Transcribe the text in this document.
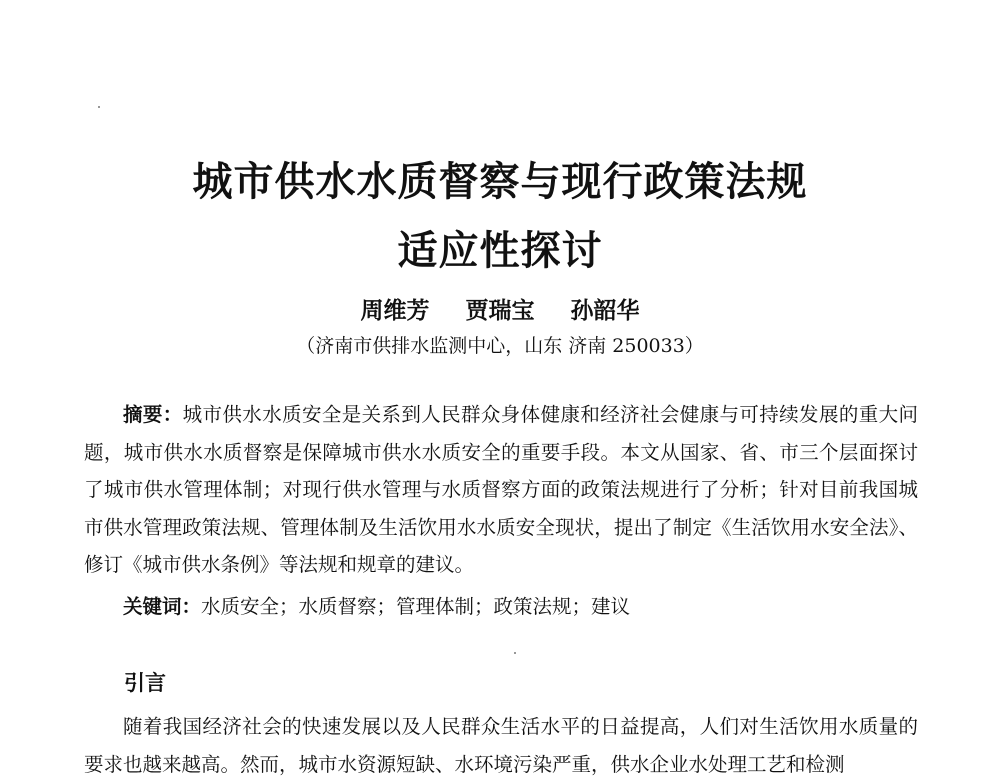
城市供水水质督察与现行政策法规
适应性探讨
周维芳 贾瑞宝 孙韶华
（济南市供排水监测中心，山东 济南 250033）

摘要：城市供水水质安全是关系到人民群众身体健康和经济社会健康与可持续发展的重大问题，城市供水水质督察是保障城市供水水质安全的重要手段。本文从国家、省、市三个层面探讨了城市供水管理体制；对现行供水管理与水质督察方面的政策法规进行了分析；针对目前我国城市供水管理政策法规、管理体制及生活饮用水水质安全现状，提出了制定《生活饮用水安全法》、修订《城市供水条例》等法规和规章的建议。

关键词：水质安全；水质督察；管理体制；政策法规；建议
引言

随着我国经济社会的快速发展以及人民群众生活水平的日益提高，人们对生活饮用水质量的要求也越来越高。然而，城市水资源短缺、水环境污染严重，供水企业水处理工艺和检测
